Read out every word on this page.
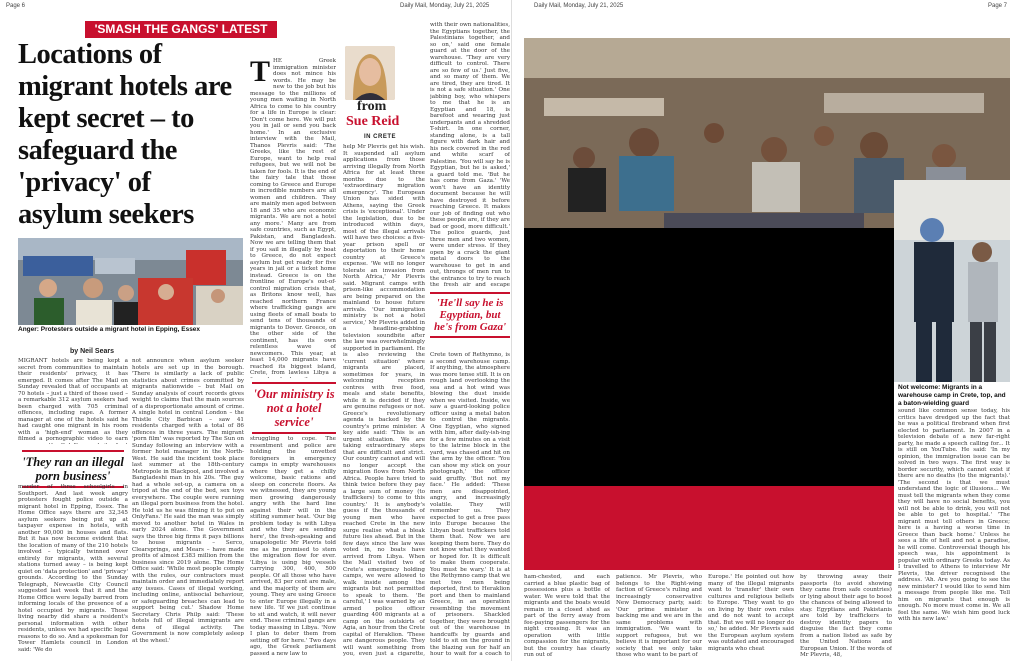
Page 6	Daily Mail, Monday, July 21, 2025
'SMASH THE GANGS' LATEST
Locations of migrant hotels are kept secret – to safeguard the 'privacy' of asylum seekers
Anger: Protesters outside a migrant hotel in Epping, Essex
by Neil Sears
MIGRANT hotels are being kept a secret from communities to maintain their residents' privacy, it has emerged. It comes after The Mail on Sunday revealed that of occupants at 70 hotels – just a third of those used – a remarkable 312 asylum seekers had been charged with 705 criminal offences, including rape. A former manager at one of the hotels said he had caught one migrant in his room with a 'high-end' woman as they filmed a pornographic video to earn
'They ran an illegal porn business'
murder of three schoolgirls in Southport. And last week angry protesters fought police outside a migrant hotel in Epping, Essex. The Home Office says there are 32,345 asylum seekers being put up at taxpayer expense in hotels, with another 90,000 in houses and flats. But it has now become evident that the location of many of the 210 hotels involved – typically twinned over entirely for migrants, with several stations turned away – is being kept quiet on 'data protection' and 'privacy' grounds. According to the Sunday Telegraph, Newcastle City Council suggested last week that it and the Home Office were legally barred from informing locals of the presence of a hotel occupied by migrants. Those living nearby did share a resident's personal information with other residents, unless we had specific legal reasons to do so. And a spokesman for Tower Hamlets council in London said: 'We do
not announce when asylum seeker hotels are set up in the borough. 'There is similarly a lack of public statistics about crimes committed by migrants nationwide – but Mail on Sunday analysis of court records gives weight to claims that the main sources of a disproportionate amount of crime. A single hotel in central London – the Thistle City Barbican – saw 41 residents charged with a total of 86 offences in three years. The migrant 'porn film' was reported by The Sun on Sunday following an interview with a former hotel manager in the North-West. He said the incident took place last summer at the 18th-century Metropole in Blackpool, and involved a Bangladeshi man in his 20s. 'The guy had a whole set-up, a camera on a tripod at the end of the bed, sex toys everywhere. The couple were running an illegal porn business from the hotel. He told us he was filming it to put on OnlyFans.' He said the man was simply moved to another hotel in Wales in early 2024 alone. The Government says the three big firms it pays billions to house migrants – Serco, Clearsprings, and Mears – have made profits of almost £383 million from the business since 2019 alone. The Home Office said: 'While most people comply with the rules, our contractors must maintain order and immediately report any issues. Cases of illegal working, including online, antisocial behaviour, or safeguarding breaches can lead to support being cut.' Shadow Home Secretary Chris Philp said: 'These hotels full of illegal immigrants are dens of illegal activity. The Government is now completely asleep at the wheel.'
THE Greek immigration minister does not mince his words. He may be new to the job but his message to the millions of young men waiting in North Africa to come to his country for a life in Europe is clear: 'Don't come here. We will put you in jail or send you back home.' In an exclusive interview with the Mail, Thanos Plevris said: 'The Greeks, like the rest of Europe, want to help real refugees, but we will not be taken for fools. It is the end of the fairy tale that those coming to Greece and Europe in incredible numbers are all women and children. They are mainly men aged between 18 and 35 who are economic migrants. We are not a hotel any more.' Many are from safe countries, such as Egypt, Pakistan, and Bangladesh. Now we are telling them that if you sail in illegally by boat to Greece, do not expect asylum but get ready for five years in jail or a ticket home instead. Greece is on the frontline of Europe's out-of-control migration crisis that, as Britons know well, has reached northern France where trafficking gangs are using fleets of small boats to send tens of thousands of migrants to Dover. Greece, on the other side of the continent, has its own relentless wave of newcomers. This year, at least 14,000 migrants have reached its biggest island, Crete, from lawless Libya a
'Our ministry is not a hotel service'
struggling to cope. The resentment and police are holding the unvetted foreigners in emergency camps in empty warehouses where they get a chilly welcome, basic rations and sleep on concrete floors. As we witnessed, they are young men growing dangerously angry with the hard line against their will in the stifling summer heat. 'Our big problem today is with Libya and who they are sending here', the fresh-speaking and unapologetic Mr Plevris told me as he promised to stem the migration flow for ever. 'Libya is using big vessels carrying 300, 400, 500 people. Of all those who have arrived, 83 per cent are male, and the majority of them are young. They are using Greece to enter Europe illegally in a new life. 'If we just continue to sit and watch, it will never end. These criminal gangs are today massing in Libya. 'Now I plan to deter them from setting off for here.' Two days ago, the Greek parliament passed a new law to
from
Sue Reid
IN CRETE
help Mr Plevris get his wish. It suspended all asylum applications from those arriving illegally from North Africa for at least three months due to the 'extraordinary migration emergency'. The European Union has sided with Athens, saying the Greek crisis is 'exceptional'. Under the legislation, due to be introduced within days, most of the illegal arrivals will have two choices: a five-year prison spell or deportation to their home country at Greece's expense. 'We will no longer tolerate an invasion from North Africa,' Mr Plevris said. Migrant camps with prison-like accommodation are being prepared on the mainland to house future arrivals. 'Our immigration ministry is not a hotel service,' Mr Plevris added in a headline-grabbing television soundbite after the law was overwhelmingly supported in parliament. He is also reviewing the 'current situation' where migrants are placed, sometimes for years, in welcoming reception centres with free food, meals and state benefits, while it is decided if they are genuine refugees or not. Greece's revolutionary agenda is backed by the country's prime minister. A key aide said: 'This is an urgent situation. We are taking extraordinary steps that are difficult and strict. Our country cannot and will no longer accept the migration flows from North Africa. People have tried to think twice before they pay a large sum of money (to traffickers) to come to this country.' It is anybody's guess if the thousands of young men who have reached Crete in the new surge realise what a bleak future lies ahead. But in the few days since the law was voted in, no boats have arrived from Libya. When the Mail visited two of Crete's emergency holding camps, we were allowed to walk inside among the migrants but not permitted to speak to them. 'Be careful,' I was warned by an armed police officer guarding 400 migrants at a camp on the outskirts of Agia, an hour from the Crete capital of Heraklion. 'These are dangerous people. They will want something from you, even just a cigarette,
with their own nationalities, the Egyptians together, the Palestinians together, and so on,' said one female guard at the door of the warehouse. 'They are very difficult to control. There are so few of us.' Just five, and so many of them. We are tired, they are tired. It is not a safe situation.' One jabbing boy, who whispers to me that he is an Egyptian and 18, is barefoot and wearing just underpants and a shredded T-shirt. In one corner, standing alone, is a tall figure with dark hair and his neck covered in the red and white scarf of Palestine. 'You will say he is Egyptian, but he is asked,' a guard told me. 'But he has come from Gaza.' 'We won't have an identity document because he will have destroyed it before reaching Greece. It makes our job of finding out who these people are, if they are bad or good, more difficult.' The police guards, just three men and two women, were under stress. If they open by a crack the giant metal doors to the warehouse to get in and out, throngs of men run to the entrance to try to reach the fresh air and escape
'He'll say he is Egyptian, but he's from Gaza'
Crete town of Rethymno, is a second warehouse camp. If anything, the atmosphere was more tense still. It is on rough land overlooking the sea and a hot wind was blowing the dust inside when we visited. Inside, we saw a guard-looking police officer using a metal baton to control the migrants. One Egyptian, who signed with him, after daily-ish-ing for a few minutes on a visit to the latrine block in the yard, was chased and hit on the arm by the officer. 'You can show my stick on your photograph,' the officer said gruffly. 'But not my face.' He added: 'These men are disappointed, angry, and increasingly volatile. They will remember us. They expected to get a free pass into Europe because the Libyan boat traffickers told them that. Now we are keeping them here. They do not know what they wanted or hoped for. It is difficult to make them cooperate. You must be wary.' It is at the Rethymno camp that we met two men being deported, first to Heraklion port and then to mainland Greece, in an operation resembling the movement of prisoners. Shackled together, they were brought out of the warehouse in handcuffs by guards and told to sit on the ground in the blazing sun for half an hour to wait for a coach to
Daily Mail, Monday, July 21, 2025	Page 7
Not welcome: Migrants in a warehouse camp in Crete, top, and a baton-wielding guard
sound like common sense today, his critics have dredged up the fact that he was a political firebrand when first elected to parliament. In 2007 in a television debate of a new far-right party, he made a speech calling for... It is still on YouTube. He said: 'In my opinion, the immigration issue can be solved in two ways. The first way is border security, which cannot exist if there are no deaths (to the migrants).' 'The second is that we must understand the logic of illusions... We must tell the migrants when they come they will have no social benefits, you will not be able to drink, you will not be able to get to hospital.' 'The migrant must tell others in Greece; here is a having a worse time in Greece than back home.' Unless he sees a life of hell and not a paradise, he will come. Controversial though his speech was, his appointment is popular with ordinary Greeks today. As I travelled to Athens to interview Mr Plevris, the driver recognised the address. 'Ah. Are you going to see the new minister? I would like to send him a message from people like me. Tell him on migrants that enough is enough. No more must come in. We all feel the same. We wish him good luck with his new law.'
ham-chested, and each carried a blue plastic bag of possessions plus a bottle of water. We were told that the migrants and the boats would remain in a closed shed as part of the ferry away from fee-paying passengers for the night crossing. It was an operation with little compassion for the migrants, but the country has clearly run out of
patience. Mr Plevris, who belongs to the Right-wing faction of Greece's ruling and increasingly conservative New Democracy party, said: 'Our prime minister is backing me and we are in the same problems with immigration. 'We want to support refugees, but we believe it is important for our society that we only take those who want to be part of
Europe.' He pointed out how many of the illegal migrants want to 'transfer' their own cultures and religious beliefs to Europe. 'They want to go on living by their own rules and do not want to accept that. But we will no longer do so,' he added. Mr Plevris said the European asylum system was outdated and encouraged migrants who cheat
by throwing away their passports (to avoid showing they came from safe countries) or lying about their age to boost the chances of being allowed to stay. Egyptians and Pakistanis are told by traffickers to destroy identity papers to disguise the fact they come from a nation listed as safe by the United Nations and European Union. If the words of Mr Plevris, 48,
